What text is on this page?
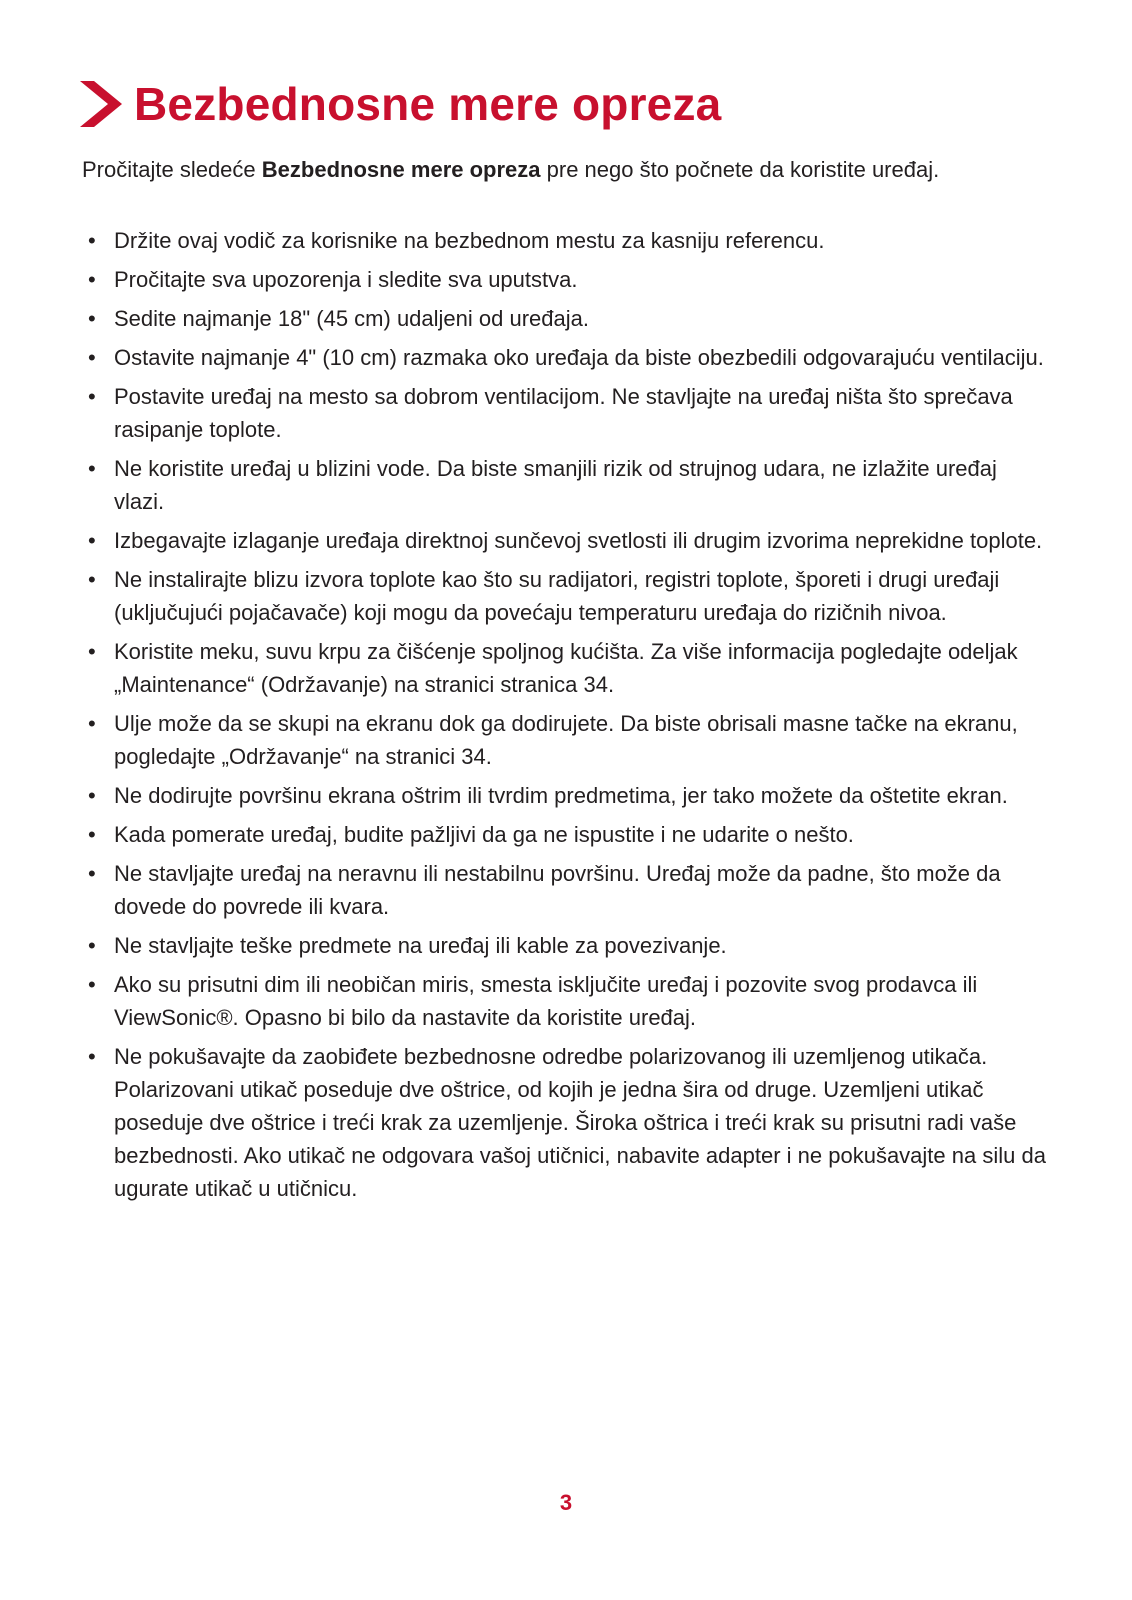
Bezbednosne mere opreza

Pročitajte sledeće Bezbednosne mere opreza pre nego što počnete da koristite uređaj.

• Držite ovaj vodič za korisnike na bezbednom mestu za kasniju referencu.
• Pročitajte sva upozorenja i sledite sva uputstva.
• Sedite najmanje 18" (45 cm) udaljeni od uređaja.
• Ostavite najmanje 4" (10 cm) razmaka oko uređaja da biste obezbedili odgovarajuću ventilaciju.
• Postavite uređaj na mesto sa dobrom ventilacijom. Ne stavljajte na uređaj ništa što sprečava rasipanje toplote.
• Ne koristite uređaj u blizini vode. Da biste smanjili rizik od strujnog udara, ne izlažite uređaj vlazi.
• Izbegavajte izlaganje uređaja direktnoj sunčevoj svetlosti ili drugim izvorima neprekidne toplote.
• Ne instalirajte blizu izvora toplote kao što su radijatori, registri toplote, šporeti i drugi uređaji (uključujući pojačavače) koji mogu da povećaju temperaturu uređaja do rizičnih nivoa.
• Koristite meku, suvu krpu za čišćenje spoljnog kućišta. Za više informacija pogledajte odeljak „Maintenance“ (Održavanje) na stranici stranica 34.
• Ulje može da se skupi na ekranu dok ga dodirujete. Da biste obrisali masne tačke na ekranu, pogledajte „Održavanje“ na stranici 34.
• Ne dodirujte površinu ekrana oštrim ili tvrdim predmetima, jer tako možete da oštetite ekran.
• Kada pomerate uređaj, budite pažljivi da ga ne ispustite i ne udarite o nešto.
• Ne stavljajte uređaj na neravnu ili nestabilnu površinu. Uređaj može da padne, što može da dovede do povrede ili kvara.
• Ne stavljajte teške predmete na uređaj ili kable za povezivanje.
• Ako su prisutni dim ili neobičan miris, smesta isključite uređaj i pozovite svog prodavca ili ViewSonic®. Opasno bi bilo da nastavite da koristite uređaj.
• Ne pokušavajte da zaobiđete bezbednosne odredbe polarizovanog ili uzemljenog utikača. Polarizovani utikač poseduje dve oštrice, od kojih je jedna šira od druge. Uzemljeni utikač poseduje dve oštrice i treći krak za uzemljenje. Široka oštrica i treći krak su prisutni radi vaše bezbednosti. Ako utikač ne odgovara vašoj utičnici, nabavite adapter i ne pokušavajte na silu da ugurate utikač u utičnicu.
3
